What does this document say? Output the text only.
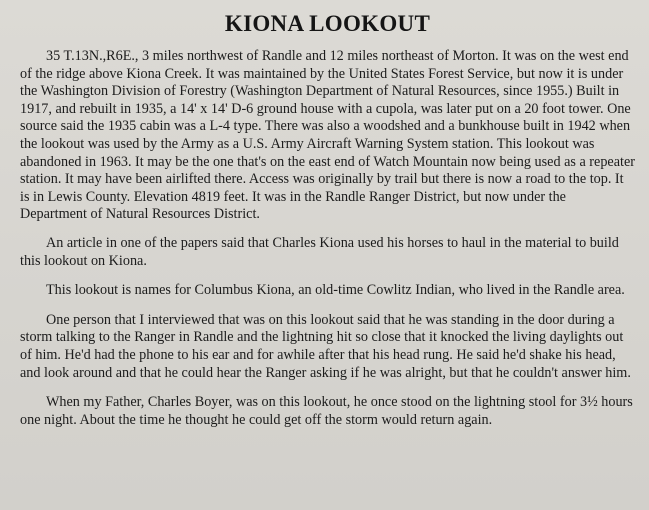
KIONA LOOKOUT

35 T.13N.,R6E., 3 miles northwest of Randle and 12 miles northeast of Morton. It was on the west end of the ridge above Kiona Creek. It was maintained by the United States Forest Service, but now it is under the Washington Division of Forestry (Washington Department of Natural Resources, since 1955.) Built in 1917, and rebuilt in 1935, a 14' x 14' D-6 ground house with a cupola, was later put on a 20 foot tower. One source said the 1935 cabin was a L-4 type. There was also a woodshed and a bunkhouse built in 1942 when the lookout was used by the Army as a U.S. Army Aircraft Warning System station. This lookout was abandoned in 1963. It may be the one that's on the east end of Watch Mountain now being used as a repeater station. It may have been airlifted there. Access was originally by trail but there is now a road to the top. It is in Lewis County. Elevation 4819 feet. It was in the Randle Ranger District, but now under the Department of Natural Resources District.

An article in one of the papers said that Charles Kiona used his horses to haul in the material to build this lookout on Kiona.

This lookout is names for Columbus Kiona, an old-time Cowlitz Indian, who lived in the Randle area.

One person that I interviewed that was on this lookout said that he was standing in the door during a storm talking to the Ranger in Randle and the lightning hit so close that it knocked the living daylights out of him. He'd had the phone to his ear and for awhile after that his head rung. He said he'd shake his head, and look around and that he could hear the Ranger asking if he was alright, but that he couldn't answer him.

When my Father, Charles Boyer, was on this lookout, he once stood on the lightning stool for 3½ hours one night. About the time he thought he could get off the storm would return again.
